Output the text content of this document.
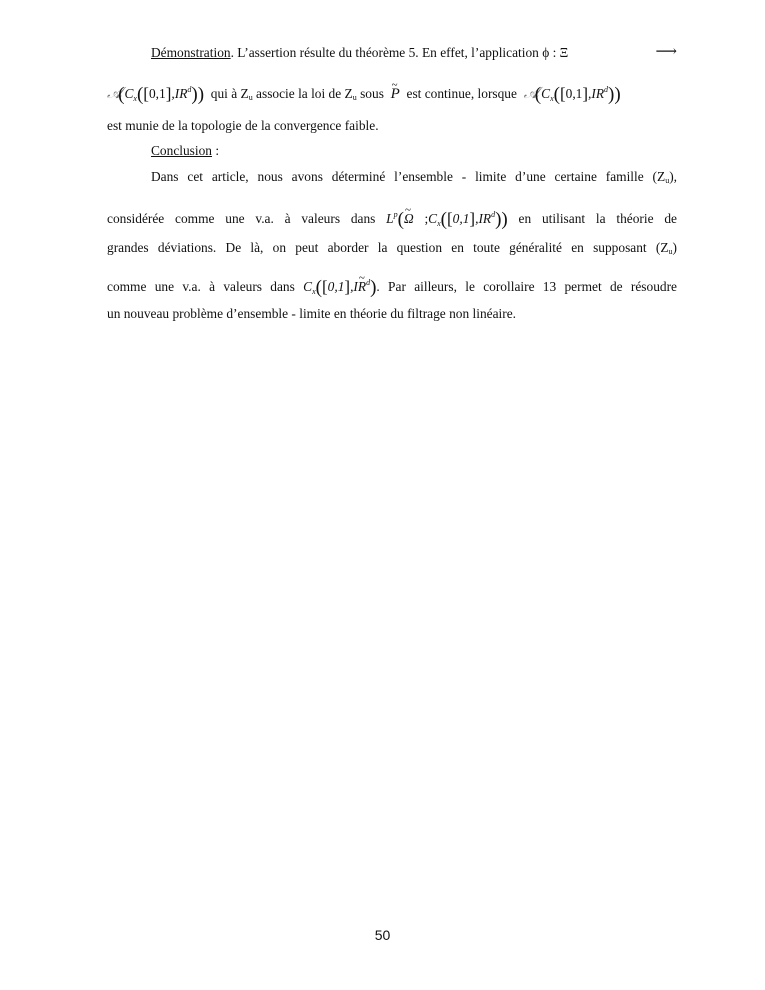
Démonstration. L’assertion résulte du théorème 5. En effet, l’application ϕ : Ξ	⟶
$𝒜(C_x([0,1],IR^d))$ qui à Zu associe la loi de Zu sous  ~ P est continue, lorsque $𝒜(C_x([0,1],IR^d))$
est munie de la topologie de la convergence faible.
Conclusion :
Dans cet article, nous avons déterminé l’ensemble - limite d’une certaine famille (Zu),
considérée comme une v.a. à valeurs dans $L^p(\sim$ Ω $;C_x([0,1],IR^d)$) en utilisant la théorie de
grandes déviations. De là, on peut aborder la question en toute généralité en supposant (Zu)
comme une v.a. à valeurs dans $C_x([0,1],I\sim$ $R^d$). Par ailleurs, le corollaire 13 permet de résoudre
un nouveau problème d’ensemble - limite en théorie du filtrage non linéaire.
50
